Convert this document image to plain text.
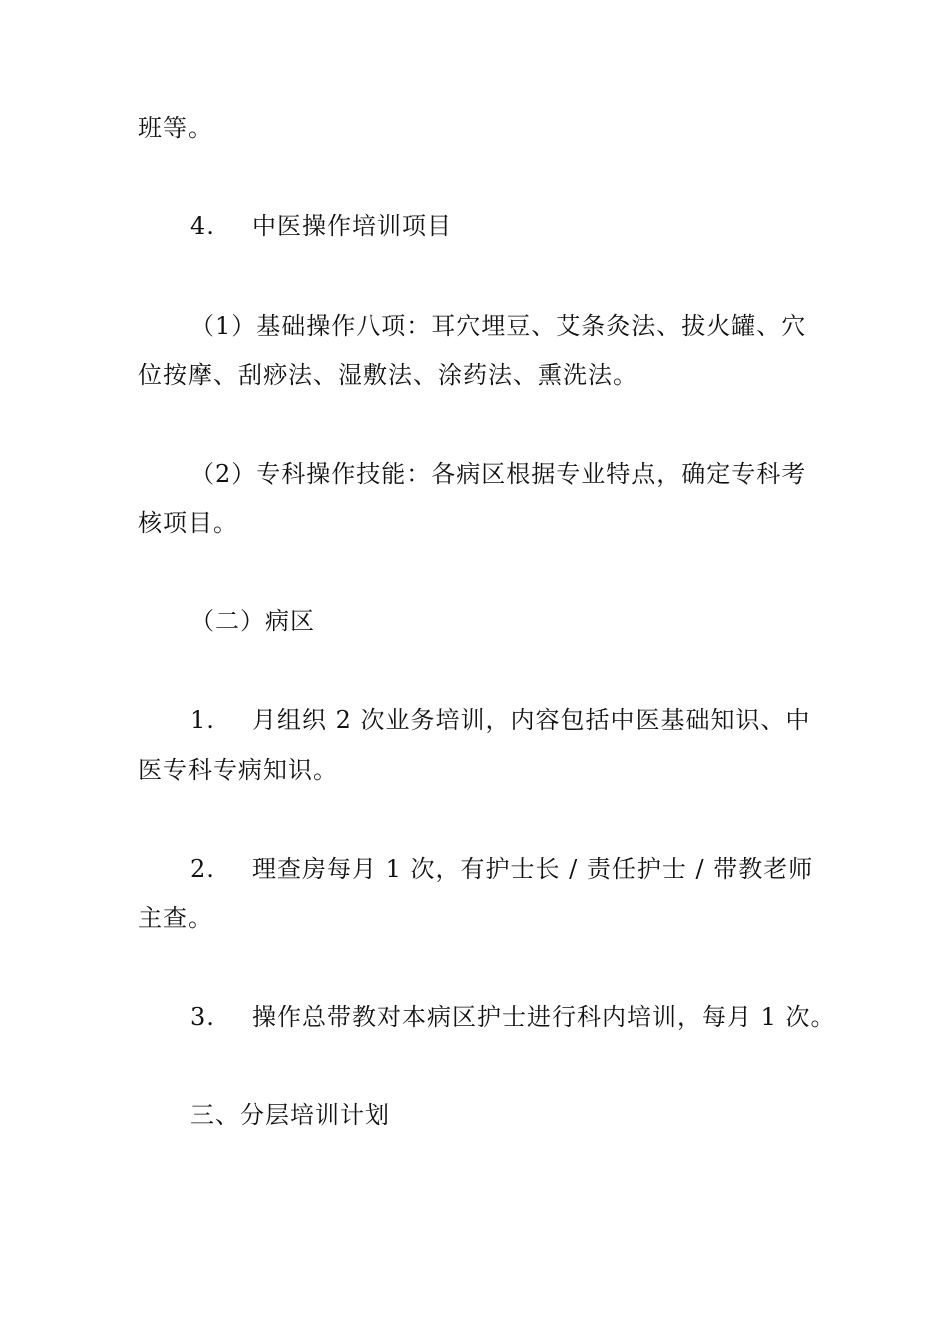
班等。
4. 中医操作培训项目
（1）基础操作八项：耳穴埋豆、艾条灸法、拔火罐、穴
位按摩、刮痧法、湿敷法、涂药法、熏洗法。
（2）专科操作技能：各病区根据专业特点，确定专科考
核项目。
（二）病区
1. 月组织 2 次业务培训，内容包括中医基础知识、中
医专科专病知识。
2. 理查房每月 1 次，有护士长 / 责任护士 / 带教老师
主查。
3. 操作总带教对本病区护士进行科内培训，每月 1 次。
三、分层培训计划
